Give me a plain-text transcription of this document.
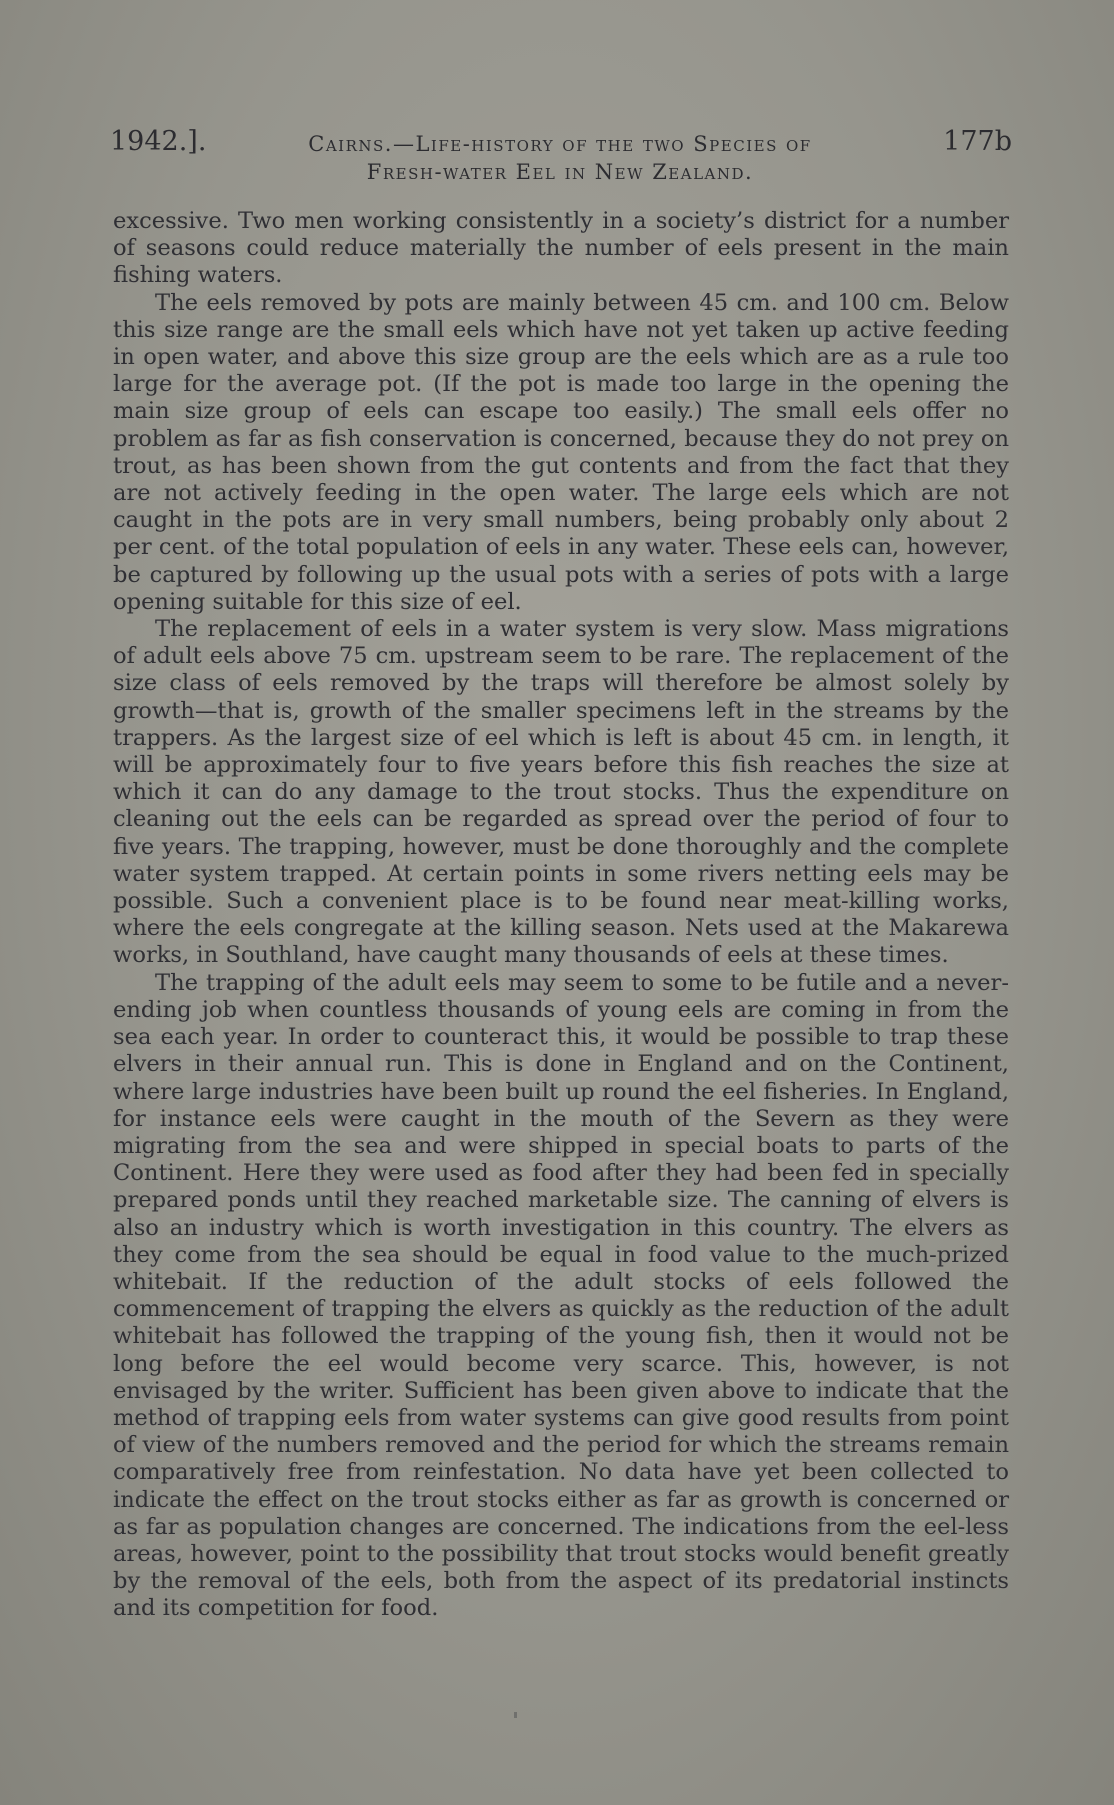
1942.].	Cairns.—Life-history of the two Species of
Fresh-water Eel in New Zealand.
177b

excessive. Two men working consistently in a society’s district for a number of seasons could reduce materially the number of eels present in the main fishing waters.

The eels removed by pots are mainly between 45 cm. and 100 cm. Below this size range are the small eels which have not yet taken up active feeding in open water, and above this size group are the eels which are as a rule too large for the average pot. (If the pot is made too large in the opening the main size group of eels can escape too easily.) The small eels offer no problem as far as fish conservation is concerned, because they do not prey on trout, as has been shown from the gut contents and from the fact that they are not actively feeding in the open water. The large eels which are not caught in the pots are in very small numbers, being probably only about 2 per cent. of the total population of eels in any water. These eels can, however, be captured by following up the usual pots with a series of pots with a large opening suitable for this size of eel.

The replacement of eels in a water system is very slow. Mass migrations of adult eels above 75 cm. upstream seem to be rare. The replacement of the size class of eels removed by the traps will therefore be almost solely by growth—that is, growth of the smaller specimens left in the streams by the trappers. As the largest size of eel which is left is about 45 cm. in length, it will be approximately four to five years before this fish reaches the size at which it can do any damage to the trout stocks. Thus the expenditure on cleaning out the eels can be regarded as spread over the period of four to five years. The trapping, however, must be done thoroughly and the complete water system trapped. At certain points in some rivers netting eels may be possible. Such a convenient place is to be found near meat-killing works, where the eels congregate at the killing season. Nets used at the Makarewa works, in Southland, have caught many thousands of eels at these times.

The trapping of the adult eels may seem to some to be futile and a never-ending job when countless thousands of young eels are coming in from the sea each year. In order to counteract this, it would be possible to trap these elvers in their annual run. This is done in England and on the Continent, where large industries have been built up round the eel fisheries. In England, for instance eels were caught in the mouth of the Severn as they were migrating from the sea and were shipped in special boats to parts of the Continent. Here they were used as food after they had been fed in specially prepared ponds until they reached marketable size. The canning of elvers is also an industry which is worth investigation in this country. The elvers as they come from the sea should be equal in food value to the much-prized whitebait. If the reduction of the adult stocks of eels followed the commencement of trapping the elvers as quickly as the reduction of the adult whitebait has followed the trapping of the young fish, then it would not be long before the eel would become very scarce. This, however, is not envisaged by the writer. Sufficient has been given above to indicate that the method of trapping eels from water systems can give good results from point of view of the numbers removed and the period for which the streams remain comparatively free from reinfestation. No data have yet been collected to indicate the effect on the trout stocks either as far as growth is concerned or as far as population changes are concerned. The indications from the eel-less areas, however, point to the possibility that trout stocks would benefit greatly by the removal of the eels, both from the aspect of its predatorial instincts and its competition for food.
